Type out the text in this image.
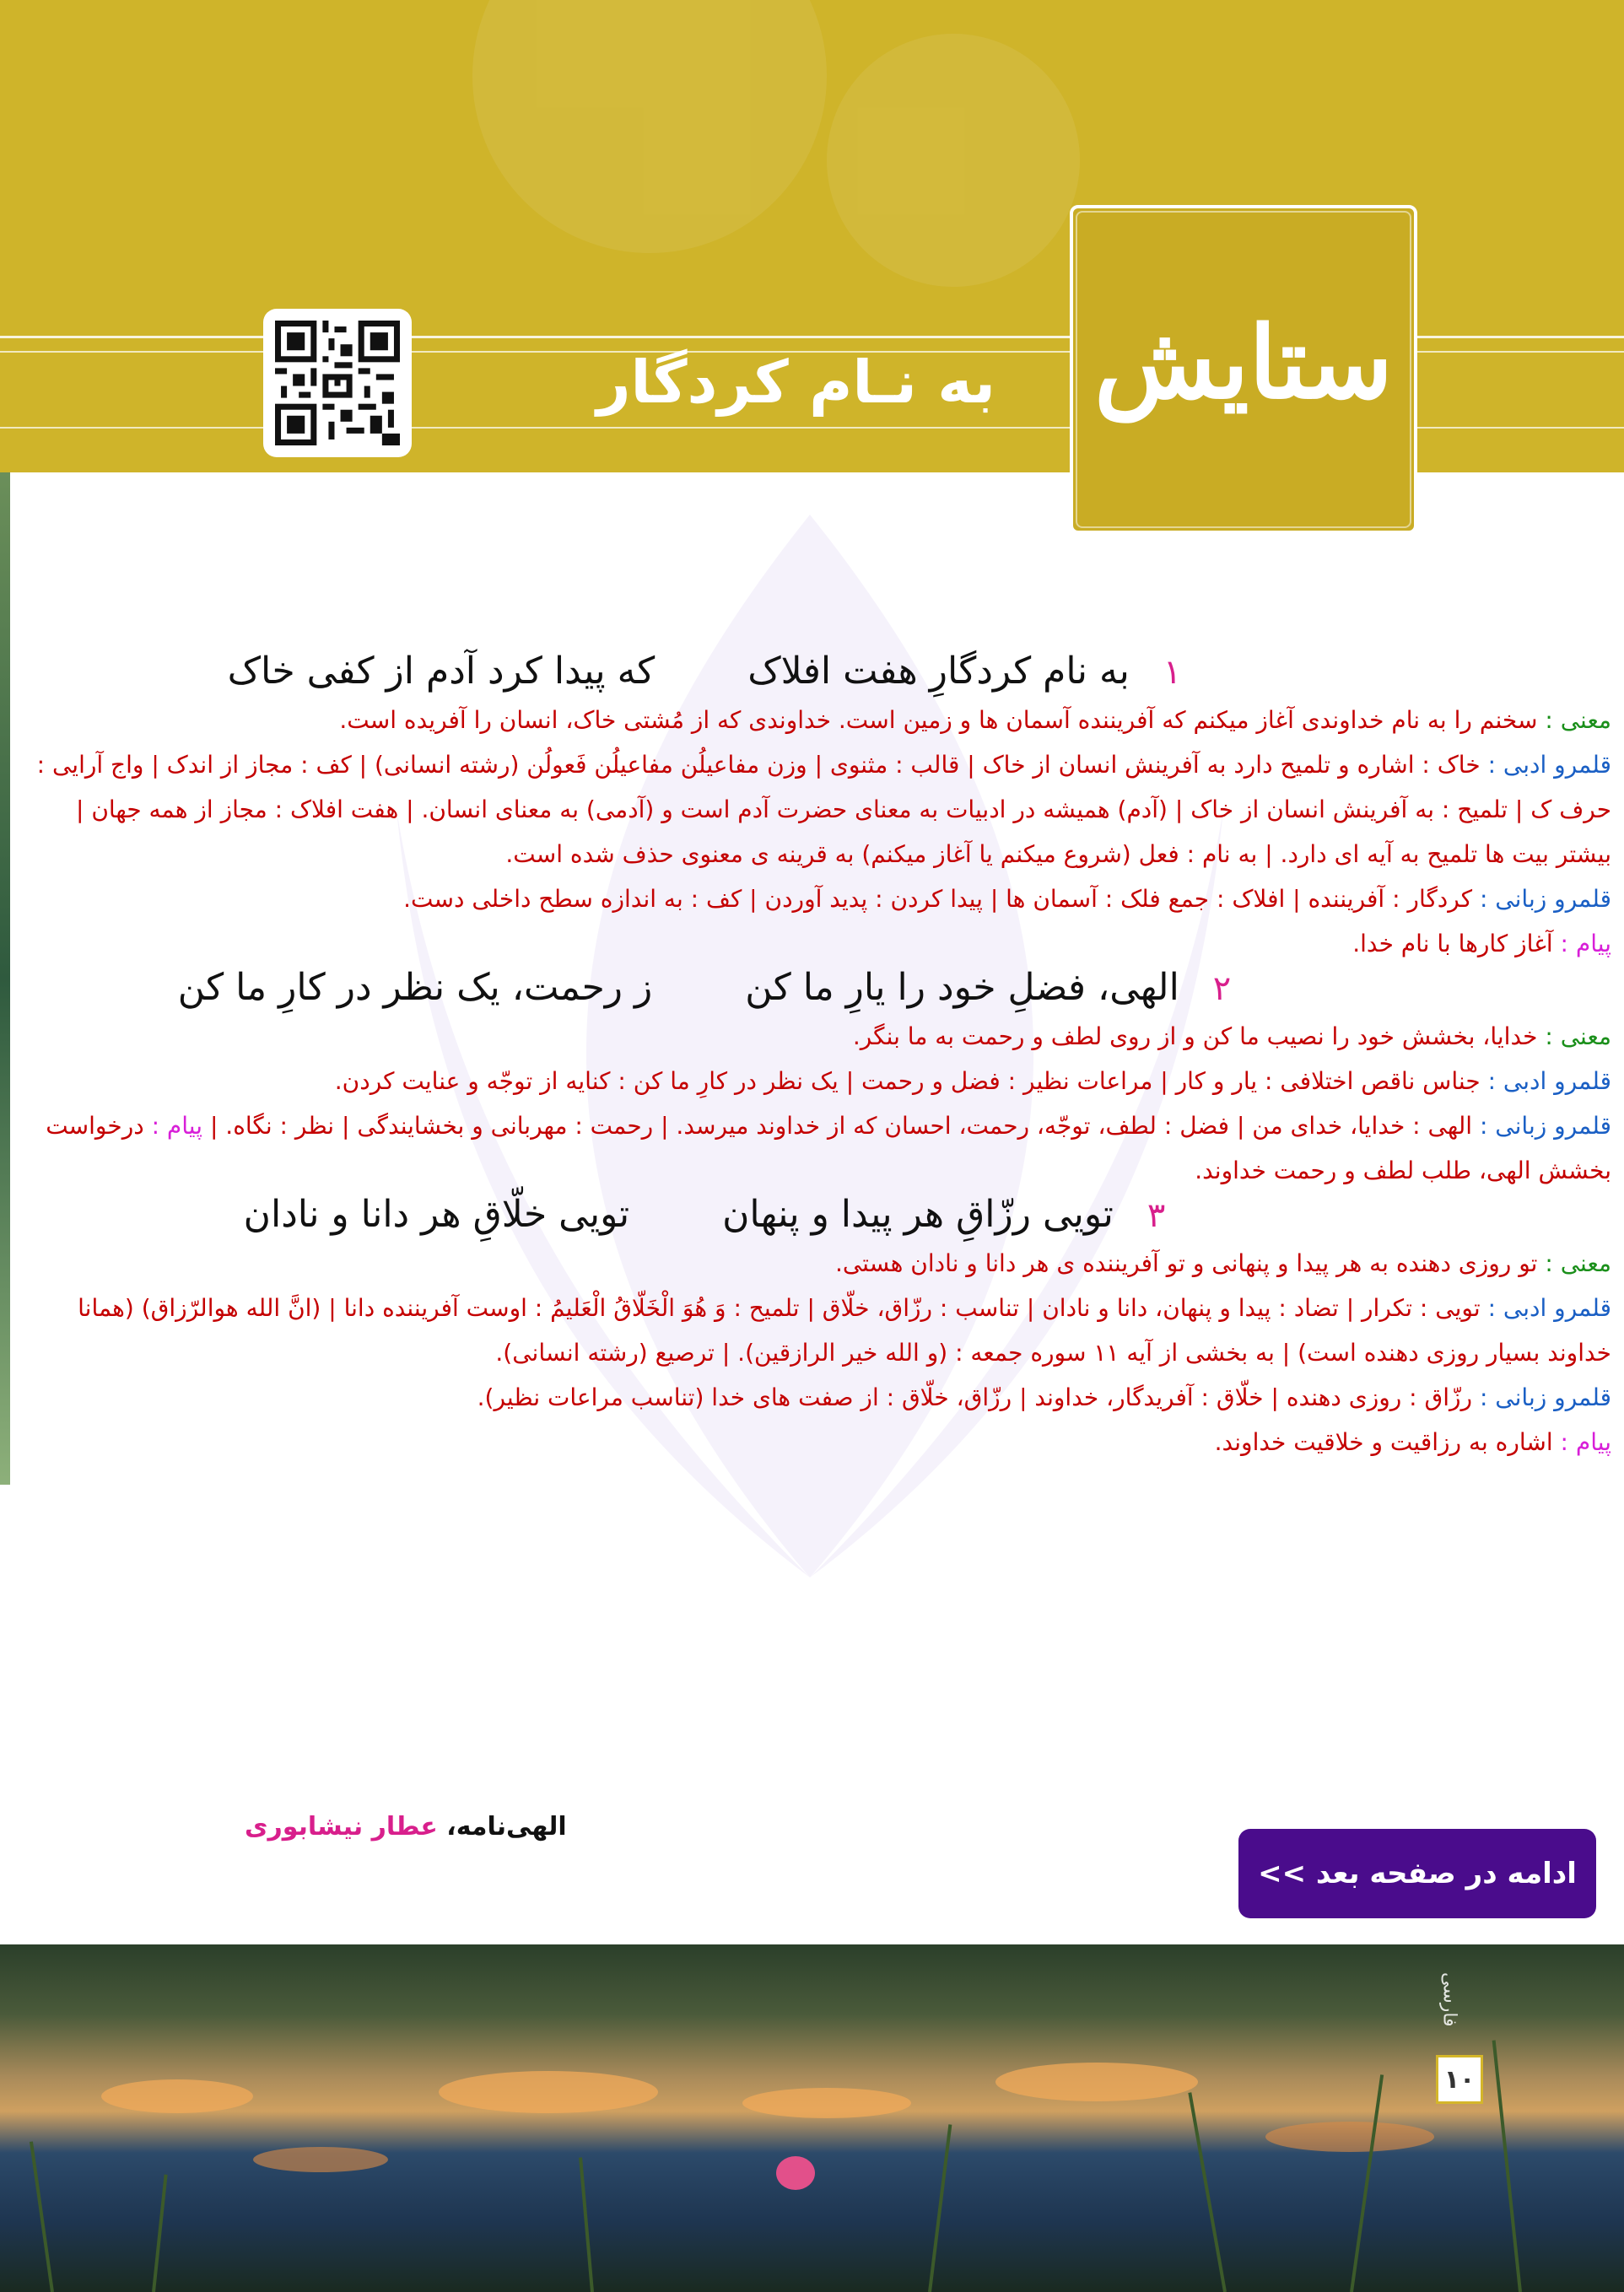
ستایش
به نـام کردگار

۱به نام کردگارِ هفت افلاککه پیدا کرد آدم از کفی خاک

معنی : سخنم را به نام خداوندی آغاز میکنم که آفریننده آسمان ها و زمین است. خداوندی که از مُشتی خاک، انسان را آفریده است.

قلمرو ادبی : خاک : اشاره و تلمیح دارد به آفرینش انسان از خاک | قالب : مثنوی | وزن مفاعیلُن مفاعیلُن فَعولُن (رشته انسانی) | کف : مجاز از اندک | واج آرایی : حرف ک | تلمیح : به آفرینش انسان از خاک | (آدم) همیشه در ادبیات به معنای حضرت آدم است و (آدمی) به معنای انسان. | هفت افلاک : مجاز از همه جهان | بیشتر بیت ها تلمیح به آیه ای دارد. | به نام : فعل (شروع میکنم یا آغاز میکنم) به قرینه ی معنوی حذف شده است.

قلمرو زبانی : کردگار : آفریننده | افلاک : جمع فلک : آسمان ها | پیدا کردن : پدید آوردن | کف : به اندازه سطح داخلی دست.

پیام : آغاز کارها با نام خدا.

۲الهی، فضلِ خود را یارِ ما کنز رحمت، یک نظر در کارِ ما کن

معنی : خدایا، بخشش خود را نصیب ما کن و از روی لطف و رحمت به ما بنگر.

قلمرو ادبی : جناس ناقص اختلافی : یار و کار | مراعات نظیر : فضل و رحمت | یک نظر در کارِ ما کن : کنایه از توجّه و عنایت کردن.

قلمرو زبانی : الهی : خدایا، خدای من | فضل : لطف، توجّه، رحمت، احسان که از خداوند میرسد. | رحمت : مهربانی و بخشایندگی | نظر : نگاه. | پیام : درخواست بخشش الهی، طلب لطف و رحمت خداوند.

۳تویی رزّاقِ هر پیدا و پنهانتویی خلّاقِ هر دانا و نادان

معنی : تو روزی دهنده به هر پیدا و پنهانی و تو آفریننده ی هر دانا و نادان هستی.

قلمرو ادبی : تویی : تکرار | تضاد : پیدا و پنهان، دانا و نادان | تناسب : رزّاق، خلّاق | تلمیح : وَ هُوَ الْخَلّاقُ الْعَلیمُ : اوست آفریننده دانا | (انَّ الله هوالرّزاق) (همانا خداوند بسیار روزی دهنده است) | به بخشی از آیه ۱۱ سوره جمعه : (و الله خیر الرازقین). | ترصیع (رشته انسانی).

قلمرو زبانی : رزّاق : روزی دهنده | خلّاق : آفریدگار، خداوند | رزّاق، خلّاق : از صفت های خدا (تناسب مراعات نظیر).

پیام : اشاره به رزاقیت و خلاقیت خداوند.

الهی‌نامه، عطار نیشابوری
ادامه در صفحه بعد >>
فارسی
۱۰
